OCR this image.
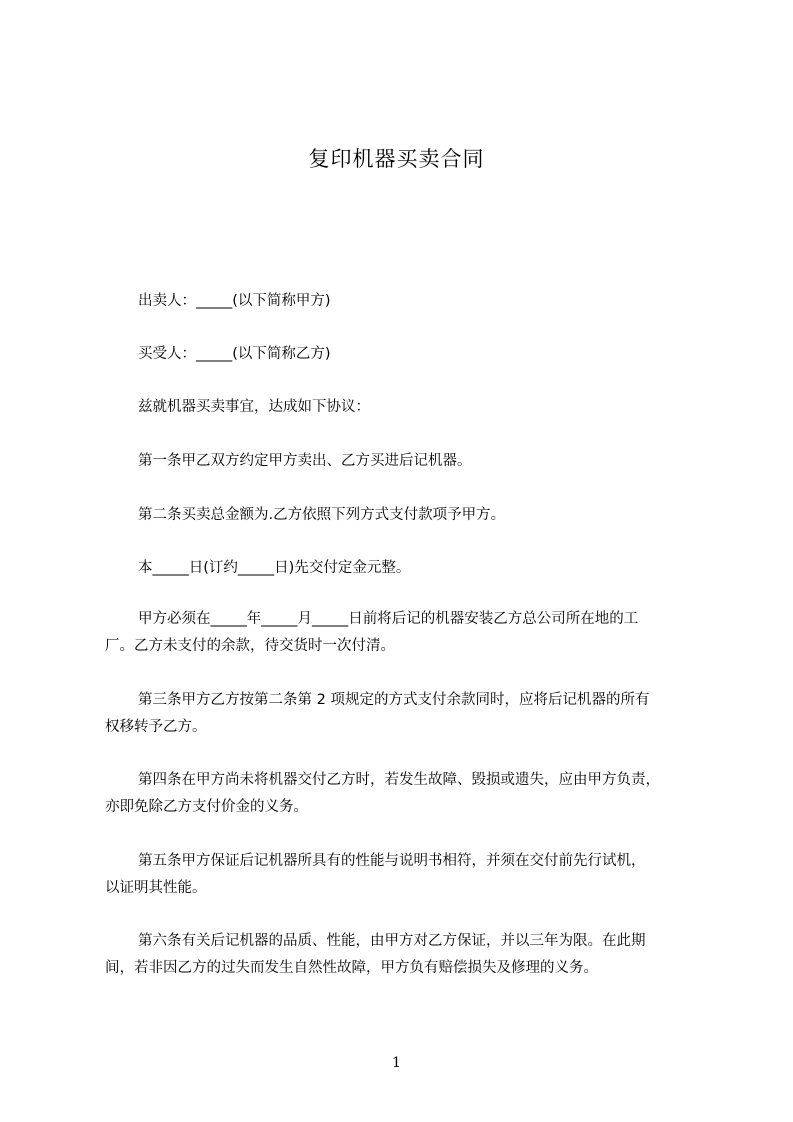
复印机器买卖合同
出卖人：_____(以下简称甲方)
买受人：_____(以下简称乙方)
兹就机器买卖事宜，达成如下协议：
第一条甲乙双方约定甲方卖出、乙方买进后记机器。
第二条买卖总金额为.乙方依照下列方式支付款项予甲方。
本_____日(订约_____日)先交付定金元整。
甲方必须在_____年_____月_____日前将后记的机器安装乙方总公司所在地的工
厂。乙方未支付的余款，待交货时一次付清。
第三条甲方乙方按第二条第 2 项规定的方式支付余款同时，应将后记机器的所有
权移转予乙方。
第四条在甲方尚未将机器交付乙方时，若发生故障、毁损或遗失，应由甲方负责，
亦即免除乙方支付价金的义务。
第五条甲方保证后记机器所具有的性能与说明书相符，并须在交付前先行试机，
以证明其性能。
第六条有关后记机器的品质、性能，由甲方对乙方保证，并以三年为限。在此期
间，若非因乙方的过失而发生自然性故障，甲方负有赔偿损失及修理的义务。
1
